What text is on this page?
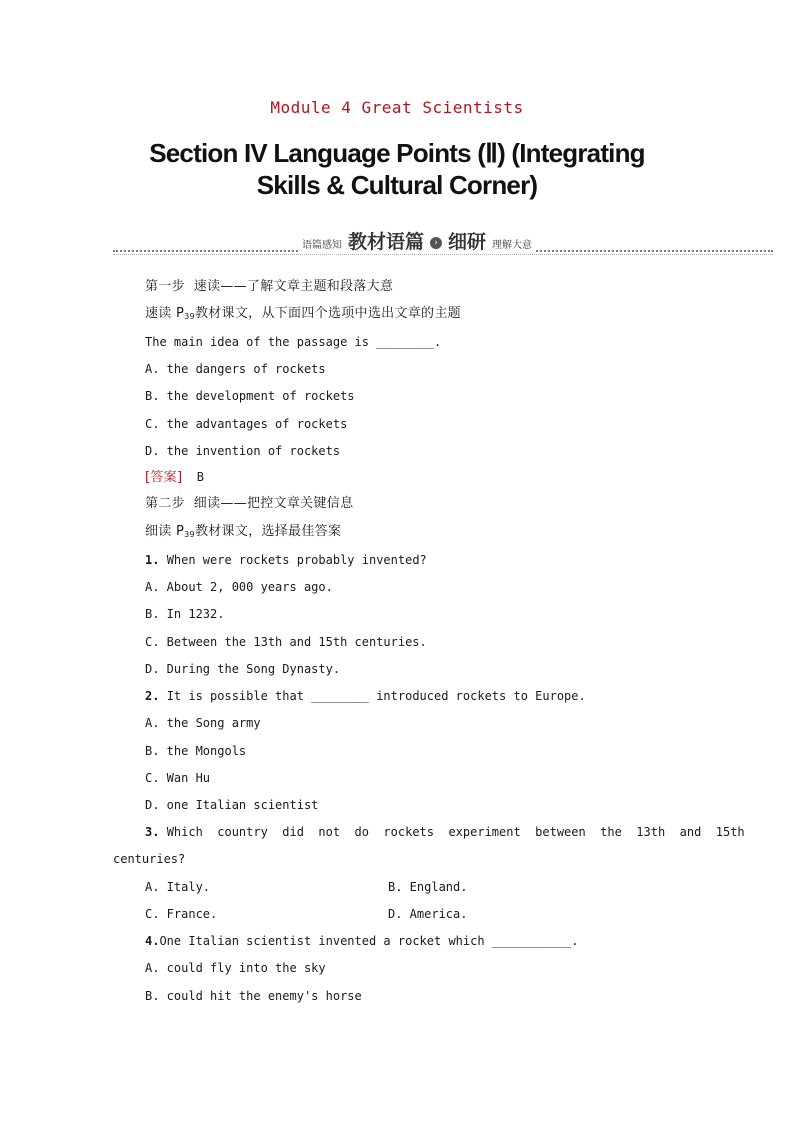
Module 4 Great Scientists
Section IV Language Points (Ⅱ) (Integrating
Skills & Cultural Corner)
语篇感知 教材语篇	› 细研 理解大意
第一步  速读——了解文章主题和段落大意
速读 $P_{39}$教材课文，从下面四个选项中选出文章的主题
The main idea of the passage is ________.
A. the dangers of rockets
B. the development of rockets
C. the advantages of rockets
D. the invention of rockets
[答案] B
第二步  细读——把控文章关键信息
细读 $P_{39}$教材课文，选择最佳答案
1. When were rockets probably invented?
A. About 2, 000 years ago.
B. In 1232.
C. Between the 13th and 15th centuries.
D. During the Song Dynasty.
2. It is possible that ________ introduced rockets to Europe.
A. the Song army
B. the Mongols
C. Wan Hu
D. one Italian scientist
3. Which  country  did  not  do  rockets  experiment  between  the  13th  and  15th
centuries?
A. Italy.	B. England.
C. France.	D. America.
4.One Italian scientist invented a rocket which ___________.
A. could fly into the sky
B. could hit the enemy's horse
